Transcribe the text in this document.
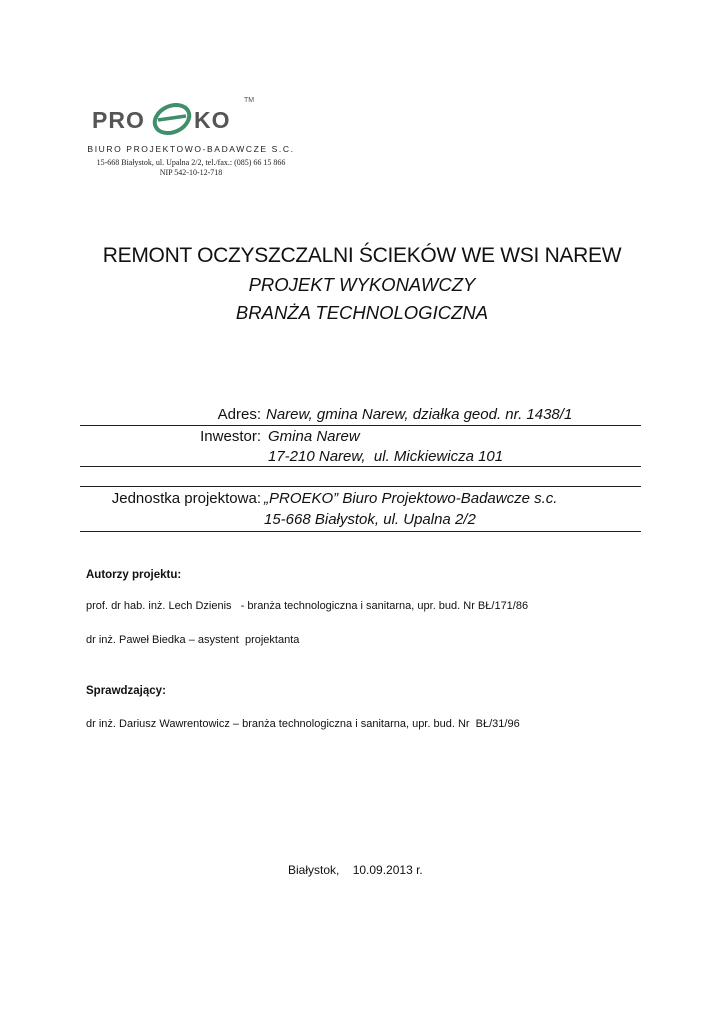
PRO KO
TM
BIURO PROJEKTOWO-BADAWCZE S.C.
15-668 Białystok, ul. Upalna 2/2, tel./fax.: (085) 66 15 866
NIP 542-10-12-718
REMONT OCZYSZCZALNI ŚCIEKÓW WE WSI NAREW
PROJEKT WYKONAWCZY
BRANŻA TECHNOLOGICZNA
Adres: Narew, gmina Narew, działka geod. nr. 1438/1
Inwestor: Gmina Narew
17-210 Narew,  ul. Mickiewicza 101
Jednostka projektowa: „PROEKO” Biuro Projektowo-Badawcze s.c.
15-668 Białystok, ul. Upalna 2/2
Autorzy projektu:
prof. dr hab. inż. Lech Dzienis   - branża technologiczna i sanitarna, upr. bud. Nr BŁ/171/86
dr inż. Paweł Biedka – asystent  projektanta
Sprawdzający:
dr inż. Dariusz Wawrentowicz – branża technologiczna i sanitarna, upr. bud. Nr  BŁ/31/96
Białystok,    10.09.2013 r.
